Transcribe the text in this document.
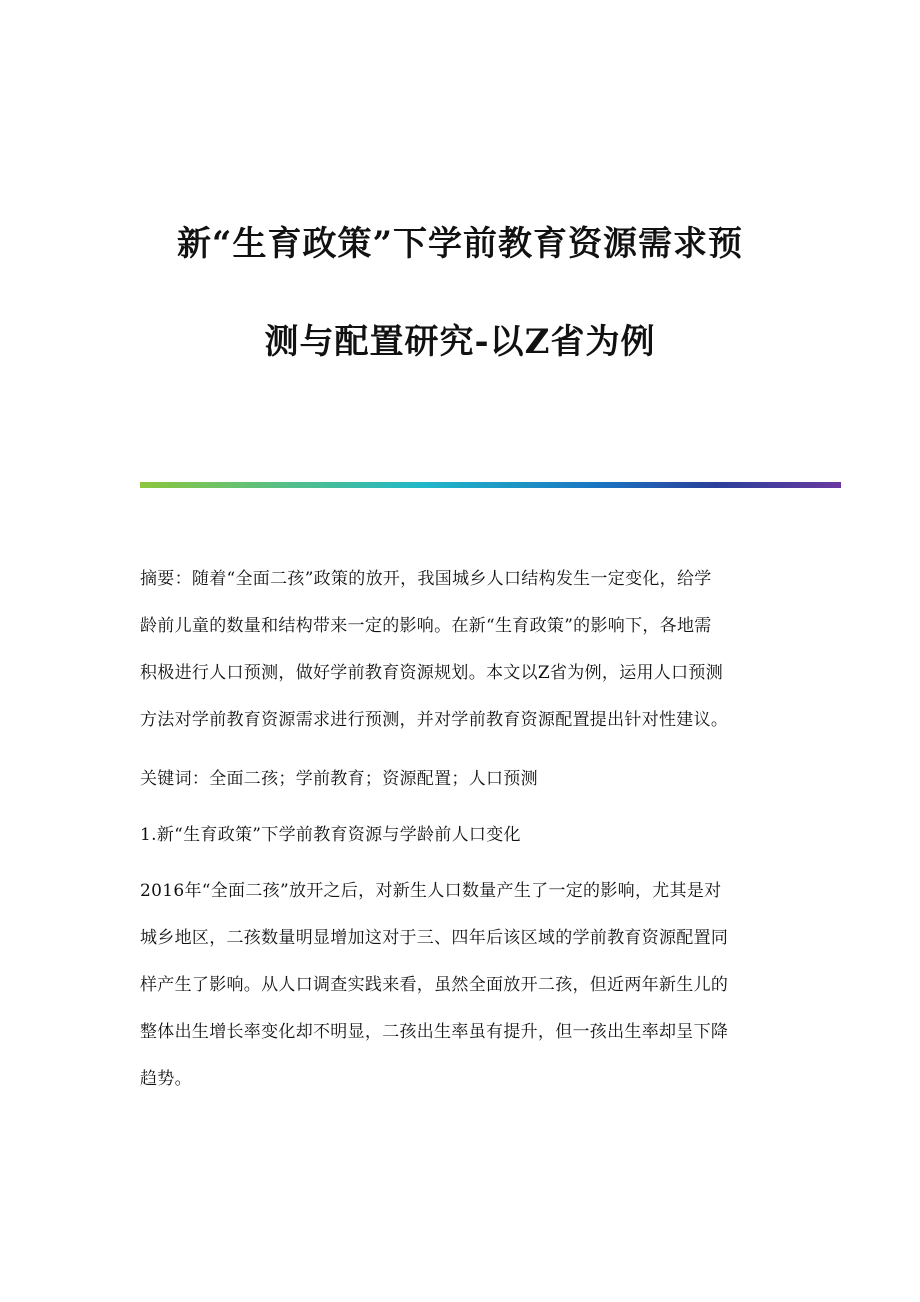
新“生育政策”下学前教育资源需求预
测与配置研究-以Z省为例
摘要：随着“全面二孩”政策的放开，我国城乡人口结构发生一定变化，给学
龄前儿童的数量和结构带来一定的影响。在新“生育政策”的影响下，各地需
积极进行人口预测，做好学前教育资源规划。本文以Z省为例，运用人口预测
方法对学前教育资源需求进行预测，并对学前教育资源配置提出针对性建议。
关键词：全面二孩；学前教育；资源配置；人口预测
1.新“生育政策”下学前教育资源与学龄前人口变化
2016年“全面二孩”放开之后，对新生人口数量产生了一定的影响，尤其是对
城乡地区，二孩数量明显增加这对于三、四年后该区域的学前教育资源配置同
样产生了影响。从人口调查实践来看，虽然全面放开二孩，但近两年新生儿的
整体出生增长率变化却不明显，二孩出生率虽有提升，但一孩出生率却呈下降
趋势。
